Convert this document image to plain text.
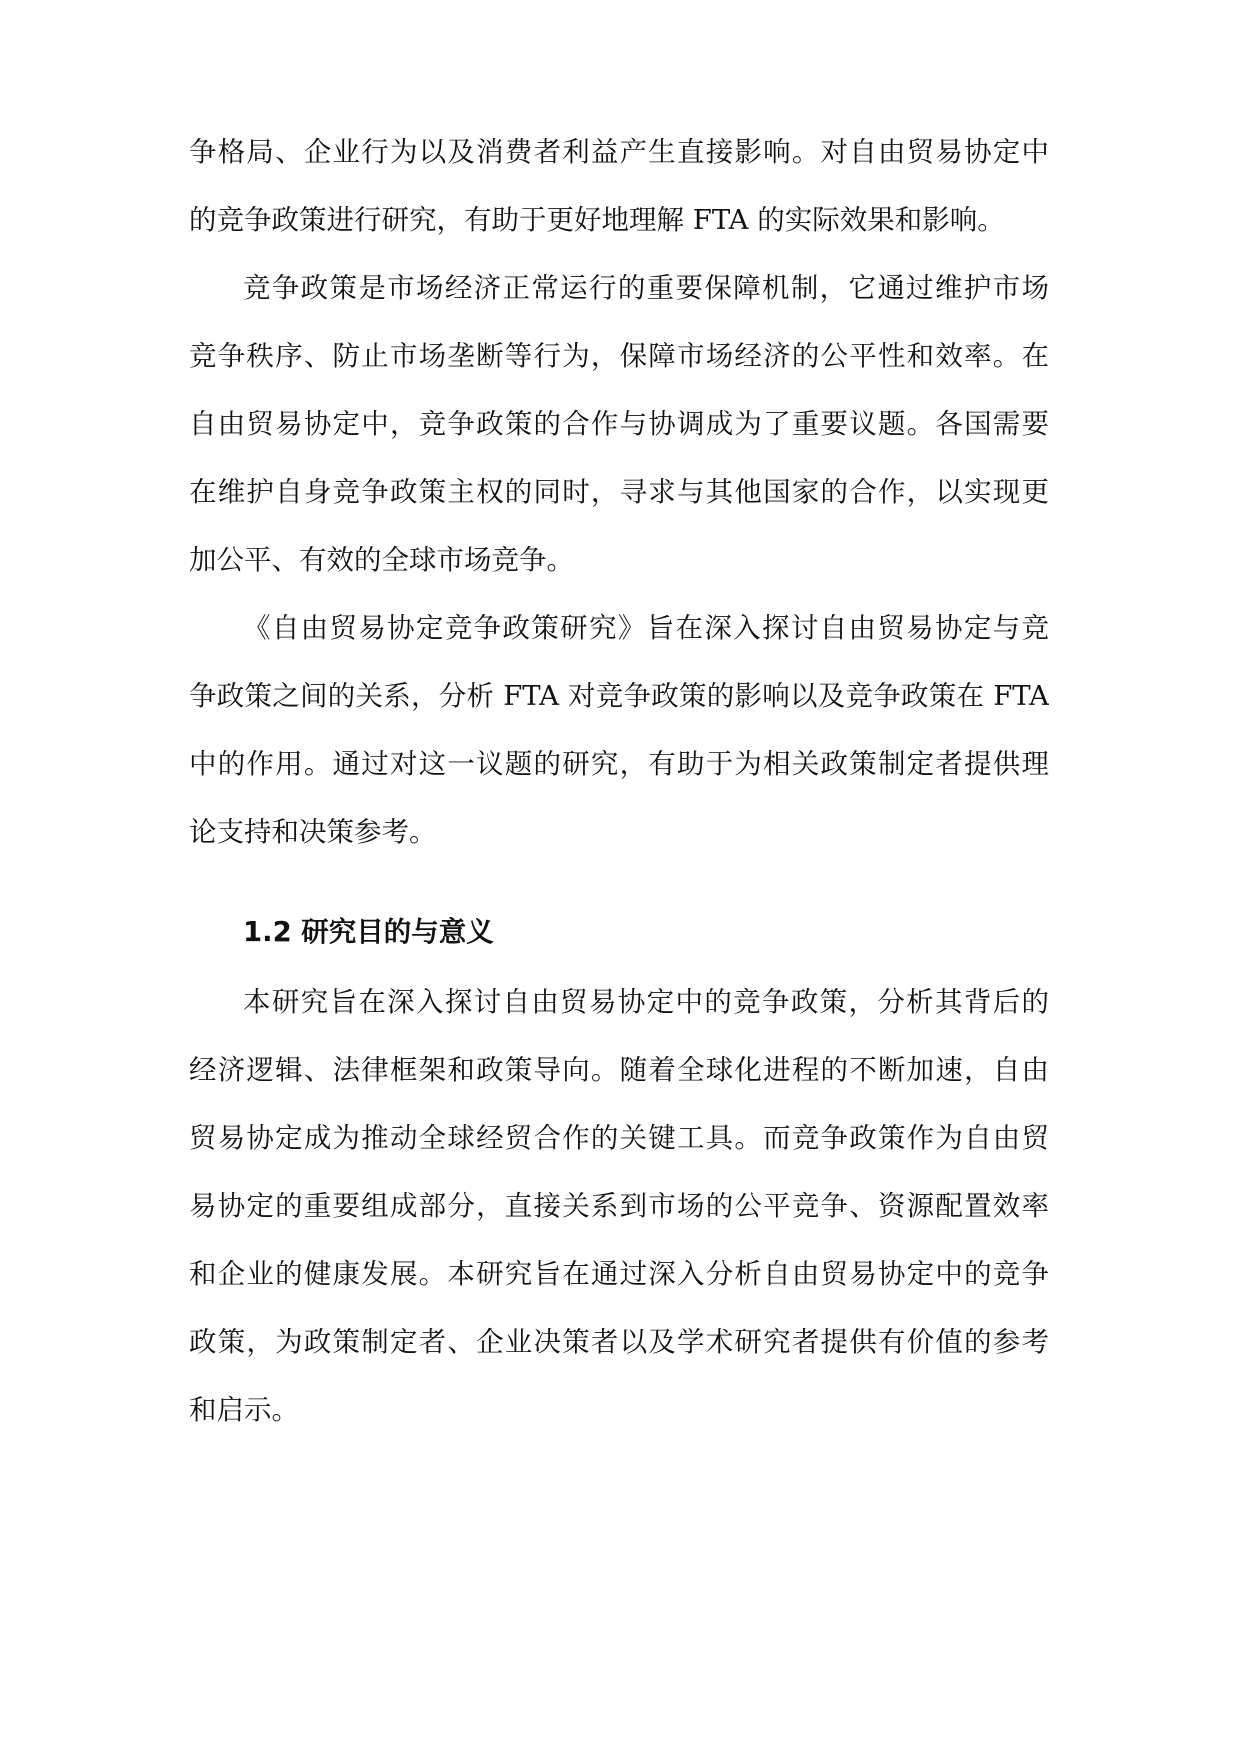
争格局、企业行为以及消费者利益产生直接影响。对自由贸易协定中
的竞争政策进行研究，有助于更好地理解 FTA 的实际效果和影响。
竞争政策是市场经济正常运行的重要保障机制，它通过维护市场
竞争秩序、防止市场垄断等行为，保障市场经济的公平性和效率。在
自由贸易协定中，竞争政策的合作与协调成为了重要议题。各国需要
在维护自身竞争政策主权的同时，寻求与其他国家的合作，以实现更
加公平、有效的全球市场竞争。
《自由贸易协定竞争政策研究》旨在深入探讨自由贸易协定与竞
争政策之间的关系，分析 FTA 对竞争政策的影响以及竞争政策在 FTA
中的作用。通过对这一议题的研究，有助于为相关政策制定者提供理
论支持和决策参考。
1.2 研究目的与意义
本研究旨在深入探讨自由贸易协定中的竞争政策，分析其背后的
经济逻辑、法律框架和政策导向。随着全球化进程的不断加速，自由
贸易协定成为推动全球经贸合作的关键工具。而竞争政策作为自由贸
易协定的重要组成部分，直接关系到市场的公平竞争、资源配置效率
和企业的健康发展。本研究旨在通过深入分析自由贸易协定中的竞争
政策，为政策制定者、企业决策者以及学术研究者提供有价值的参考
和启示。
